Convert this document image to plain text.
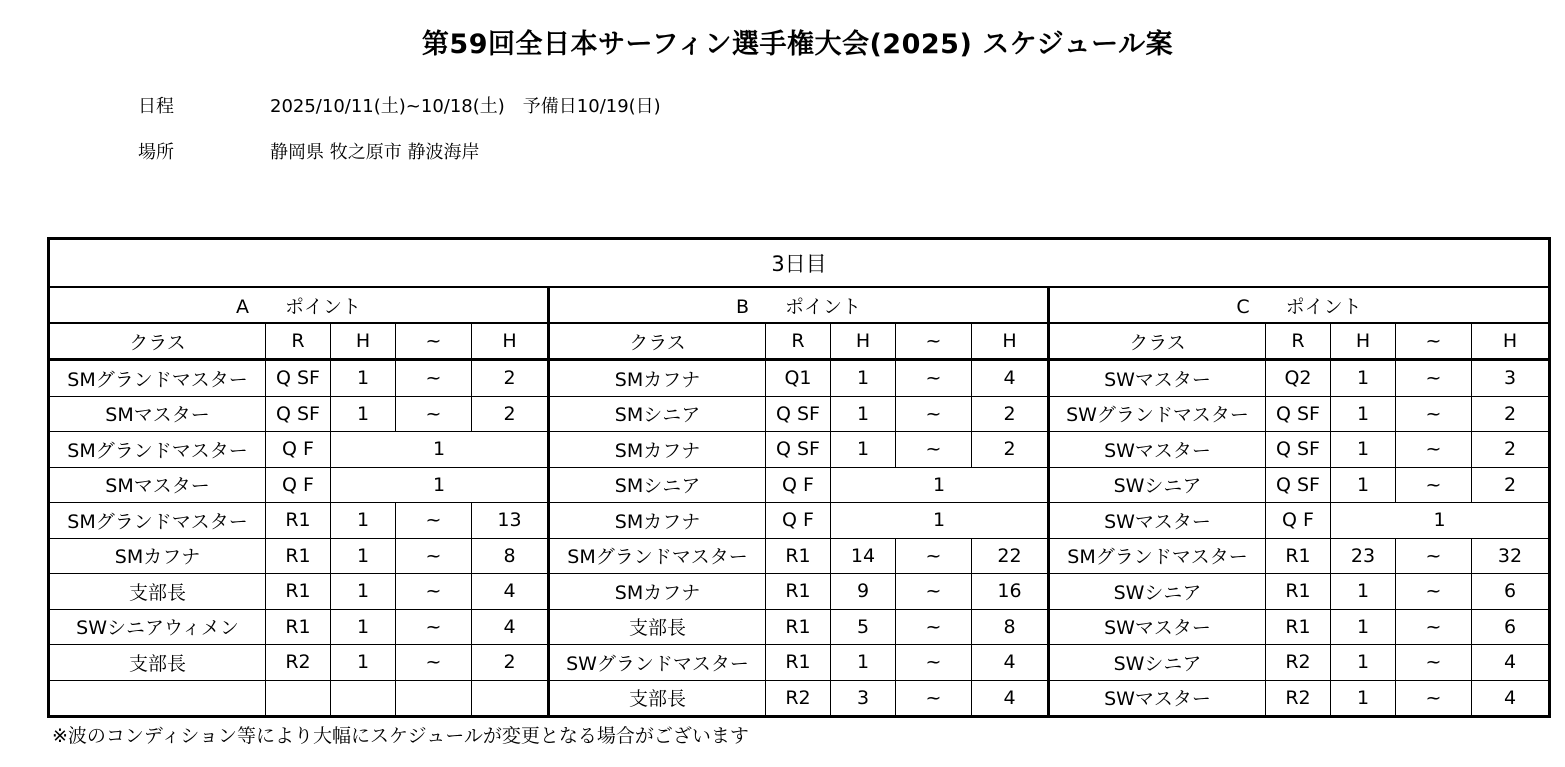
第59回全日本サーフィン選手権大会(2025) スケジュール案
日程	2025/10/11(土)~10/18(土)　予備日10/19(日)
場所	静岡県 牧之原市 静波海岸
3日目														
A ポイント					B ポイント					C ポイント				
クラス	R	H	~	H	クラス	R	H	~	H	クラス	R	H	~	H
SMグランドマスター	Q SF	1	~	2	SMカフナ	Q1	1	~	4	SWマスター	Q2	1	~	3
SMマスター	Q SF	1	~	2	SMシニア	Q SF	1	~	2	SWグランドマスター	Q SF	1	~	2
SMグランドマスター	Q F	1			SMカフナ	Q SF	1	~	2	SWマスター	Q SF	1	~	2
SMマスター	Q F	1			SMシニア	Q F	1			SWシニア	Q SF	1	~	2
SMグランドマスター	R1	1	~	13	SMカフナ	Q F	1			SWマスター	Q F	1		
SMカフナ	R1	1	~	8	SMグランドマスター	R1	14	~	22	SMグランドマスター	R1	23	~	32
支部長	R1	1	~	4	SMカフナ	R1	9	~	16	SWシニア	R1	1	~	6
SWシニアウィメン	R1	1	~	4	支部長	R1	5	~	8	SWマスター	R1	1	~	6
支部長	R2	1	~	2	SWグランドマスター	R1	1	~	4	SWシニア	R2	1	~	4
					支部長	R2	3	~	4	SWマスター	R2	1	~	4
※波のコンディション等により大幅にスケジュールが変更となる場合がございます
